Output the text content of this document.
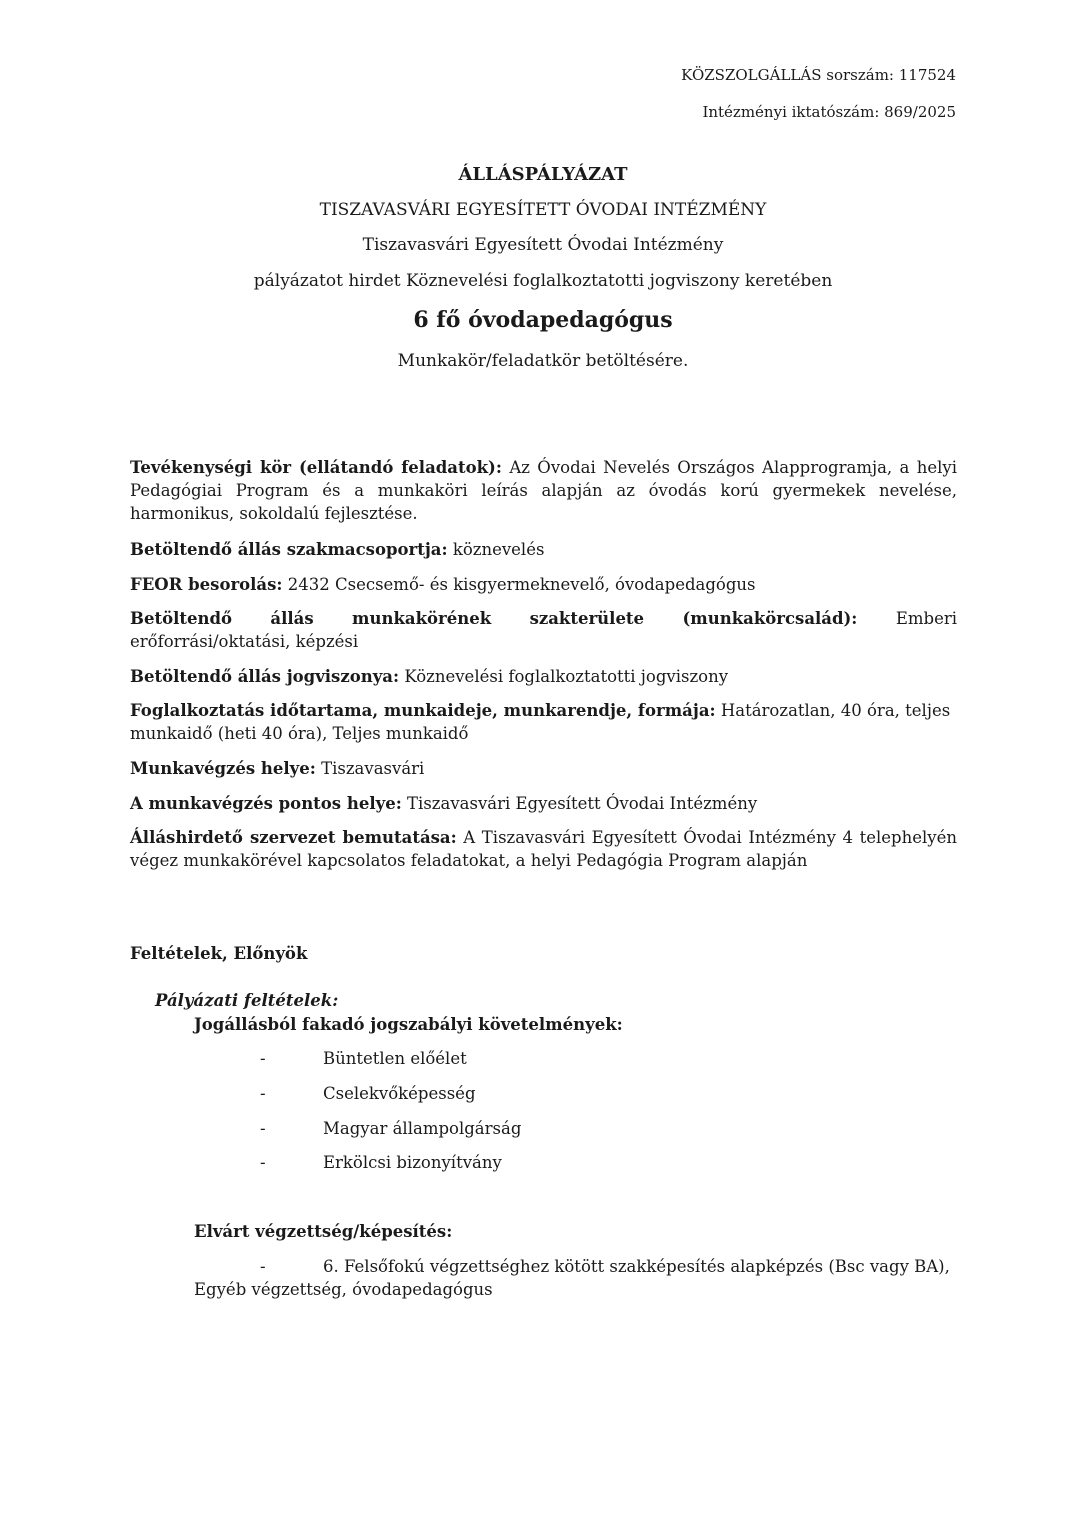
KÖZSZOLGÁLLÁS sorszám: 117524
Intézményi iktatószám: 869/2025
ÁLLÁSPÁLYÁZAT
TISZAVASVÁRI EGYESÍTETT ÓVODAI INTÉZMÉNY
Tiszavasvári Egyesített Óvodai Intézmény
pályázatot hirdet Köznevelési foglalkoztatotti jogviszony keretében
6 fő óvodapedagógus
Munkakör/feladatkör betöltésére.
Tevékenységi kör (ellátandó feladatok): Az Óvodai Nevelés Országos Alapprogramja, a helyi Pedagógiai Program és a munkaköri leírás alapján az óvodás korú gyermekek nevelése, harmonikus, sokoldalú fejlesztése.
Betöltendő állás szakmacsoportja: köznevelés
FEOR besorolás: 2432 Csecsemő- és kisgyermeknevelő, óvodapedagógus
Betöltendő állás munkakörének szakterülete (munkakörcsalád): Emberi
erőforrási/oktatási, képzési
Betöltendő állás jogviszonya: Köznevelési foglalkoztatotti jogviszony
Foglalkoztatás időtartama, munkaideje, munkarendje, formája: Határozatlan, 40 óra, teljes munkaidő (heti 40 óra), Teljes munkaidő
Munkavégzés helye: Tiszavasvári
A munkavégzés pontos helye: Tiszavasvári Egyesített Óvodai Intézmény
Álláshirdető szervezet bemutatása: A Tiszavasvári Egyesített Óvodai Intézmény 4 telephelyén végez munkakörével kapcsolatos feladatokat, a helyi Pedagógia Program alapján
Feltételek, Előnyök
Pályázati feltételek:
Jogállásból fakadó jogszabályi követelmények:
-	Büntetlen előélet
-	Cselekvőképesség
-	Magyar állampolgárság
-	Erkölcsi bizonyítvány
Elvárt végzettség/képesítés:
-	6. Felsőfokú végzettséghez kötött szakképesítés alapképzés (Bsc vagy BA),
Egyéb végzettség, óvodapedagógus
